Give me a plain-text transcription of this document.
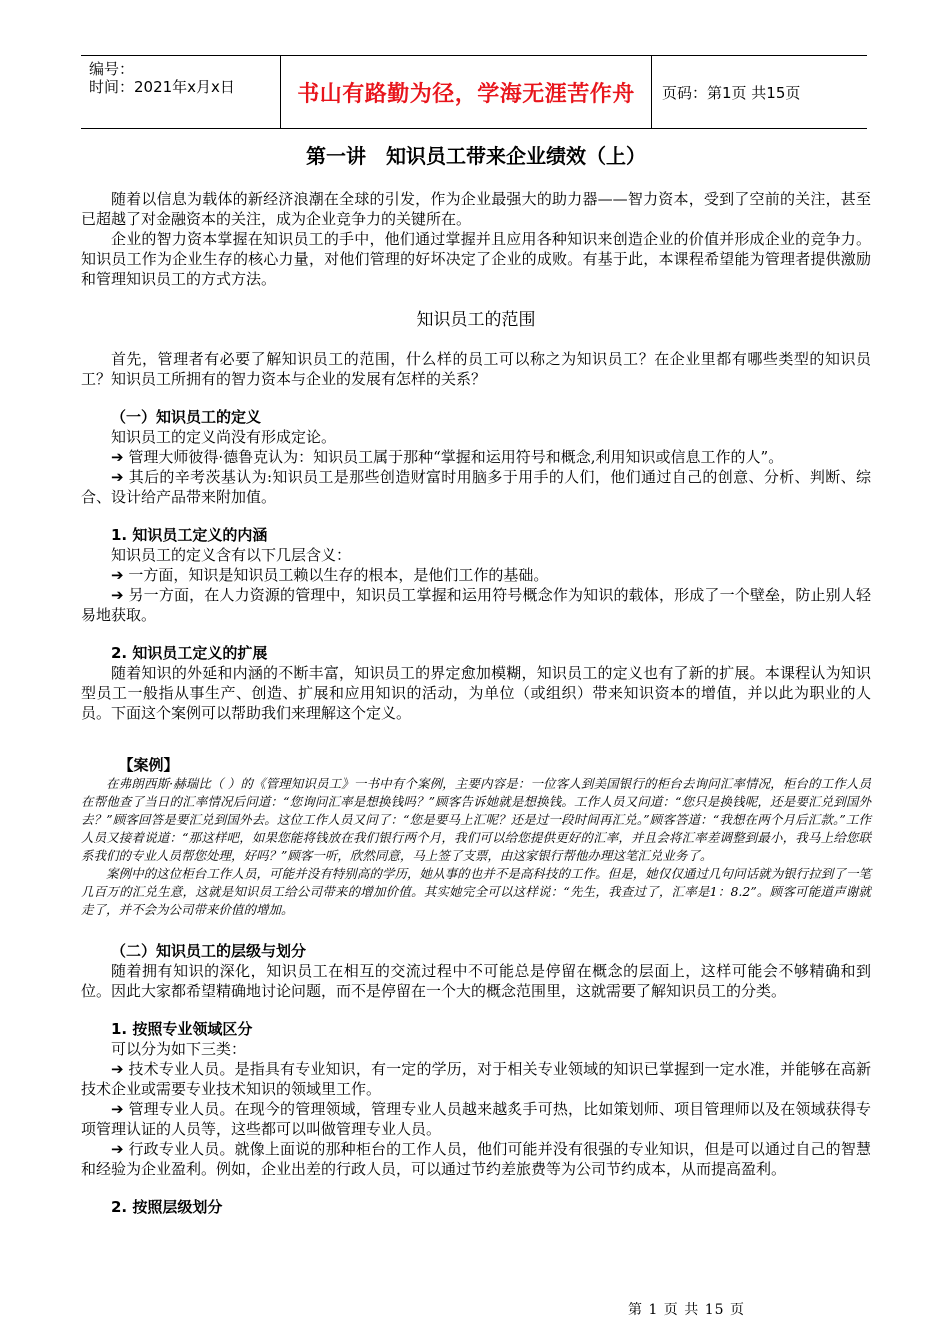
编号：
时间：2021年x月x日	书山有路勤为径，学海无涯苦作舟	页码：第1页 共15页
第一讲　知识员工带来企业绩效（上）

随着以信息为载体的新经济浪潮在全球的引发，作为企业最强大的助力器——智力资本，受到了空前的关注，甚至已超越了对金融资本的关注，成为企业竞争力的关键所在。

企业的智力资本掌握在知识员工的手中，他们通过掌握并且应用各种知识来创造企业的价值并形成企业的竞争力。知识员工作为企业生存的核心力量，对他们管理的好坏决定了企业的成败。有基于此，本课程希望能为管理者提供激励和管理知识员工的方式方法。

知识员工的范围

首先，管理者有必要了解知识员工的范围，什么样的员工可以称之为知识员工？在企业里都有哪些类型的知识员工？知识员工所拥有的智力资本与企业的发展有怎样的关系？

（一）知识员工的定义

知识员工的定义尚没有形成定论。

➔ 管理大师彼得·德鲁克认为：知识员工属于那种“掌握和运用符号和概念,利用知识或信息工作的人”。

➔ 其后的辛考茨基认为:知识员工是那些创造财富时用脑多于用手的人们，他们通过自己的创意、分析、判断、综合、设计给产品带来附加值。

1. 知识员工定义的内涵

知识员工的定义含有以下几层含义：

➔ 一方面，知识是知识员工赖以生存的根本，是他们工作的基础。

➔ 另一方面，在人力资源的管理中，知识员工掌握和运用符号概念作为知识的载体，形成了一个壁垒，防止别人轻易地获取。

2. 知识员工定义的扩展

随着知识的外延和内涵的不断丰富，知识员工的界定愈加模糊，知识员工的定义也有了新的扩展。本课程认为知识型员工一般指从事生产、创造、扩展和应用知识的活动，为单位（或组织）带来知识资本的增值，并以此为职业的人员。下面这个案例可以帮助我们来理解这个定义。

【案例】

在弗朗西斯·赫瑞比（ ）的《管理知识员工》一书中有个案例，主要内容是：一位客人到美国银行的柜台去询问汇率情况，柜台的工作人员在帮他查了当日的汇率情况后问道：“您询问汇率是想换钱吗？”顾客告诉她就是想换钱。工作人员又问道：“您只是换钱呢，还是要汇兑到国外去？”顾客回答是要汇兑到国外去。这位工作人员又问了：“您是要马上汇呢？还是过一段时间再汇兑。”顾客答道：“我想在两个月后汇款。”工作人员又接着说道：“那这样吧，如果您能将钱放在我们银行两个月，我们可以给您提供更好的汇率，并且会将汇率差调整到最小，我马上给您联系我们的专业人员帮您处理，好吗？”顾客一听，欣然同意，马上签了支票，由这家银行帮他办理这笔汇兑业务了。

案例中的这位柜台工作人员，可能并没有特别高的学历，她从事的也并不是高科技的工作。但是，她仅仅通过几句问话就为银行拉到了一笔几百万的汇兑生意，这就是知识员工给公司带来的增加价值。其实她完全可以这样说：“先生，我查过了，汇率是1：8.2”。顾客可能道声谢就走了，并不会为公司带来价值的增加。

（二）知识员工的层级与划分

随着拥有知识的深化，知识员工在相互的交流过程中不可能总是停留在概念的层面上，这样可能会不够精确和到位。因此大家都希望精确地讨论问题，而不是停留在一个大的概念范围里，这就需要了解知识员工的分类。

1. 按照专业领域区分

可以分为如下三类：

➔ 技术专业人员。是指具有专业知识，有一定的学历，对于相关专业领域的知识已掌握到一定水准，并能够在高新技术企业或需要专业技术知识的领域里工作。

➔ 管理专业人员。在现今的管理领域，管理专业人员越来越炙手可热，比如策划师、项目管理师以及在领域获得专项管理认证的人员等，这些都可以叫做管理专业人员。

➔ 行政专业人员。就像上面说的那种柜台的工作人员，他们可能并没有很强的专业知识，但是可以通过自己的智慧和经验为企业盈利。例如，企业出差的行政人员，可以通过节约差旅费等为公司节约成本，从而提高盈利。

2. 按照层级划分
第 1 页 共 15 页
